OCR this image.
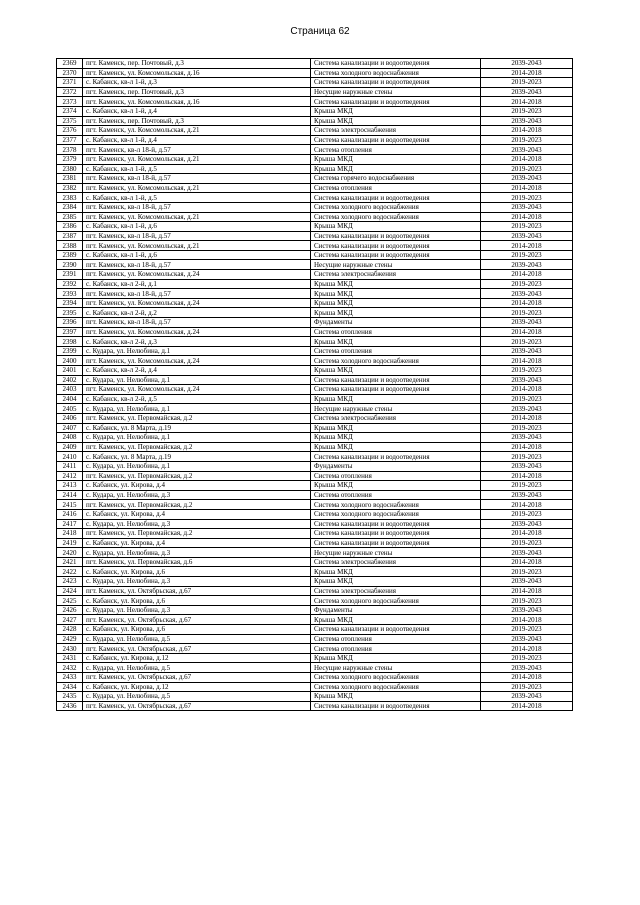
Страница 62
2369	пгт. Каменск, пер. Почтовый, д.3	Система канализации и водоотведения	2039-2043
2370	пгт. Каменск, ул. Комсомольская, д.16	Система холодного водоснабжения	2014-2018
2371	с. Кабанск, кв-л 1-й, д.3	Система канализации и водоотведения	2019-2023
2372	пгт. Каменск, пер. Почтовый, д.3	Несущие наружные стены	2039-2043
2373	пгт. Каменск, ул. Комсомольская, д.16	Система канализации и водоотведения	2014-2018
2374	с. Кабанск, кв-л 1-й, д.4	Крыша МКД	2019-2023
2375	пгт. Каменск, пер. Почтовый, д.3	Крыша МКД	2039-2043
2376	пгт. Каменск, ул. Комсомольская, д.21	Система электроснабжения	2014-2018
2377	с. Кабанск, кв-л 1-й, д.4	Система канализации и водоотведения	2019-2023
2378	пгт. Каменск, кв-л 18-й, д.57	Система отопления	2039-2043
2379	пгт. Каменск, ул. Комсомольская, д.21	Крыша МКД	2014-2018
2380	с. Кабанск, кв-л 1-й, д.5	Крыша МКД	2019-2023
2381	пгт. Каменск, кв-л 18-й, д.57	Система горячего водоснабжения	2039-2043
2382	пгт. Каменск, ул. Комсомольская, д.21	Система отопления	2014-2018
2383	с. Кабанск, кв-л 1-й, д.5	Система канализации и водоотведения	2019-2023
2384	пгт. Каменск, кв-л 18-й, д.57	Система холодного водоснабжения	2039-2043
2385	пгт. Каменск, ул. Комсомольская, д.21	Система холодного водоснабжения	2014-2018
2386	с. Кабанск, кв-л 1-й, д.6	Крыша МКД	2019-2023
2387	пгт. Каменск, кв-л 18-й, д.57	Система канализации и водоотведения	2039-2043
2388	пгт. Каменск, ул. Комсомольская, д.21	Система канализации и водоотведения	2014-2018
2389	с. Кабанск, кв-л 1-й, д.6	Система канализации и водоотведения	2019-2023
2390	пгт. Каменск, кв-л 18-й, д.57	Несущие наружные стены	2039-2043
2391	пгт. Каменск, ул. Комсомольская, д.24	Система электроснабжения	2014-2018
2392	с. Кабанск, кв-л 2-й, д.1	Крыша МКД	2019-2023
2393	пгт. Каменск, кв-л 18-й, д.57	Крыша МКД	2039-2043
2394	пгт. Каменск, ул. Комсомольская, д.24	Крыша МКД	2014-2018
2395	с. Кабанск, кв-л 2-й, д.2	Крыша МКД	2019-2023
2396	пгт. Каменск, кв-л 18-й, д.57	Фундаменты	2039-2043
2397	пгт. Каменск, ул. Комсомольская, д.24	Система отопления	2014-2018
2398	с. Кабанск, кв-л 2-й, д.3	Крыша МКД	2019-2023
2399	с. Кудара, ул. Нелюбина, д.1	Система отопления	2039-2043
2400	пгт. Каменск, ул. Комсомольская, д.24	Система холодного водоснабжения	2014-2018
2401	с. Кабанск, кв-л 2-й, д.4	Крыша МКД	2019-2023
2402	с. Кудара, ул. Нелюбина, д.1	Система канализации и водоотведения	2039-2043
2403	пгт. Каменск, ул. Комсомольская, д.24	Система канализации и водоотведения	2014-2018
2404	с. Кабанск, кв-л 2-й, д.5	Крыша МКД	2019-2023
2405	с. Кудара, ул. Нелюбина, д.1	Несущие наружные стены	2039-2043
2406	пгт. Каменск, ул. Первомайская, д.2	Система электроснабжения	2014-2018
2407	с. Кабанск, ул. 8 Марта, д.19	Крыша МКД	2019-2023
2408	с. Кудара, ул. Нелюбина, д.1	Крыша МКД	2039-2043
2409	пгт. Каменск, ул. Первомайская, д.2	Крыша МКД	2014-2018
2410	с. Кабанск, ул. 8 Марта, д.19	Система канализации и водоотведения	2019-2023
2411	с. Кудара, ул. Нелюбина, д.1	Фундаменты	2039-2043
2412	пгт. Каменск, ул. Первомайская, д.2	Система отопления	2014-2018
2413	с. Кабанск, ул. Кирова, д.4	Крыша МКД	2019-2023
2414	с. Кудара, ул. Нелюбина, д.3	Система отопления	2039-2043
2415	пгт. Каменск, ул. Первомайская, д.2	Система холодного водоснабжения	2014-2018
2416	с. Кабанск, ул. Кирова, д.4	Система холодного водоснабжения	2019-2023
2417	с. Кудара, ул. Нелюбина, д.3	Система канализации и водоотведения	2039-2043
2418	пгт. Каменск, ул. Первомайская, д.2	Система канализации и водоотведения	2014-2018
2419	с. Кабанск, ул. Кирова, д.4	Система канализации и водоотведения	2019-2023
2420	с. Кудара, ул. Нелюбина, д.3	Несущие наружные стены	2039-2043
2421	пгт. Каменск, ул. Первомайская, д.6	Система электроснабжения	2014-2018
2422	с. Кабанск, ул. Кирова, д.6	Крыша МКД	2019-2023
2423	с. Кудара, ул. Нелюбина, д.3	Крыша МКД	2039-2043
2424	пгт. Каменск, ул. Октябрьская, д.67	Система электроснабжения	2014-2018
2425	с. Кабанск, ул. Кирова, д.6	Система холодного водоснабжения	2019-2023
2426	с. Кудара, ул. Нелюбина, д.3	Фундаменты	2039-2043
2427	пгт. Каменск, ул. Октябрьская, д.67	Крыша МКД	2014-2018
2428	с. Кабанск, ул. Кирова, д.6	Система канализации и водоотведения	2019-2023
2429	с. Кудара, ул. Нелюбина, д.5	Система отопления	2039-2043
2430	пгт. Каменск, ул. Октябрьская, д.67	Система отопления	2014-2018
2431	с. Кабанск, ул. Кирова, д.12	Крыша МКД	2019-2023
2432	с. Кудара, ул. Нелюбина, д.5	Несущие наружные стены	2039-2043
2433	пгт. Каменск, ул. Октябрьская, д.67	Система холодного водоснабжения	2014-2018
2434	с. Кабанск, ул. Кирова, д.12	Система холодного водоснабжения	2019-2023
2435	с. Кудара, ул. Нелюбина, д.5	Крыша МКД	2039-2043
2436	пгт. Каменск, ул. Октябрьская, д.67	Система канализации и водоотведения	2014-2018
